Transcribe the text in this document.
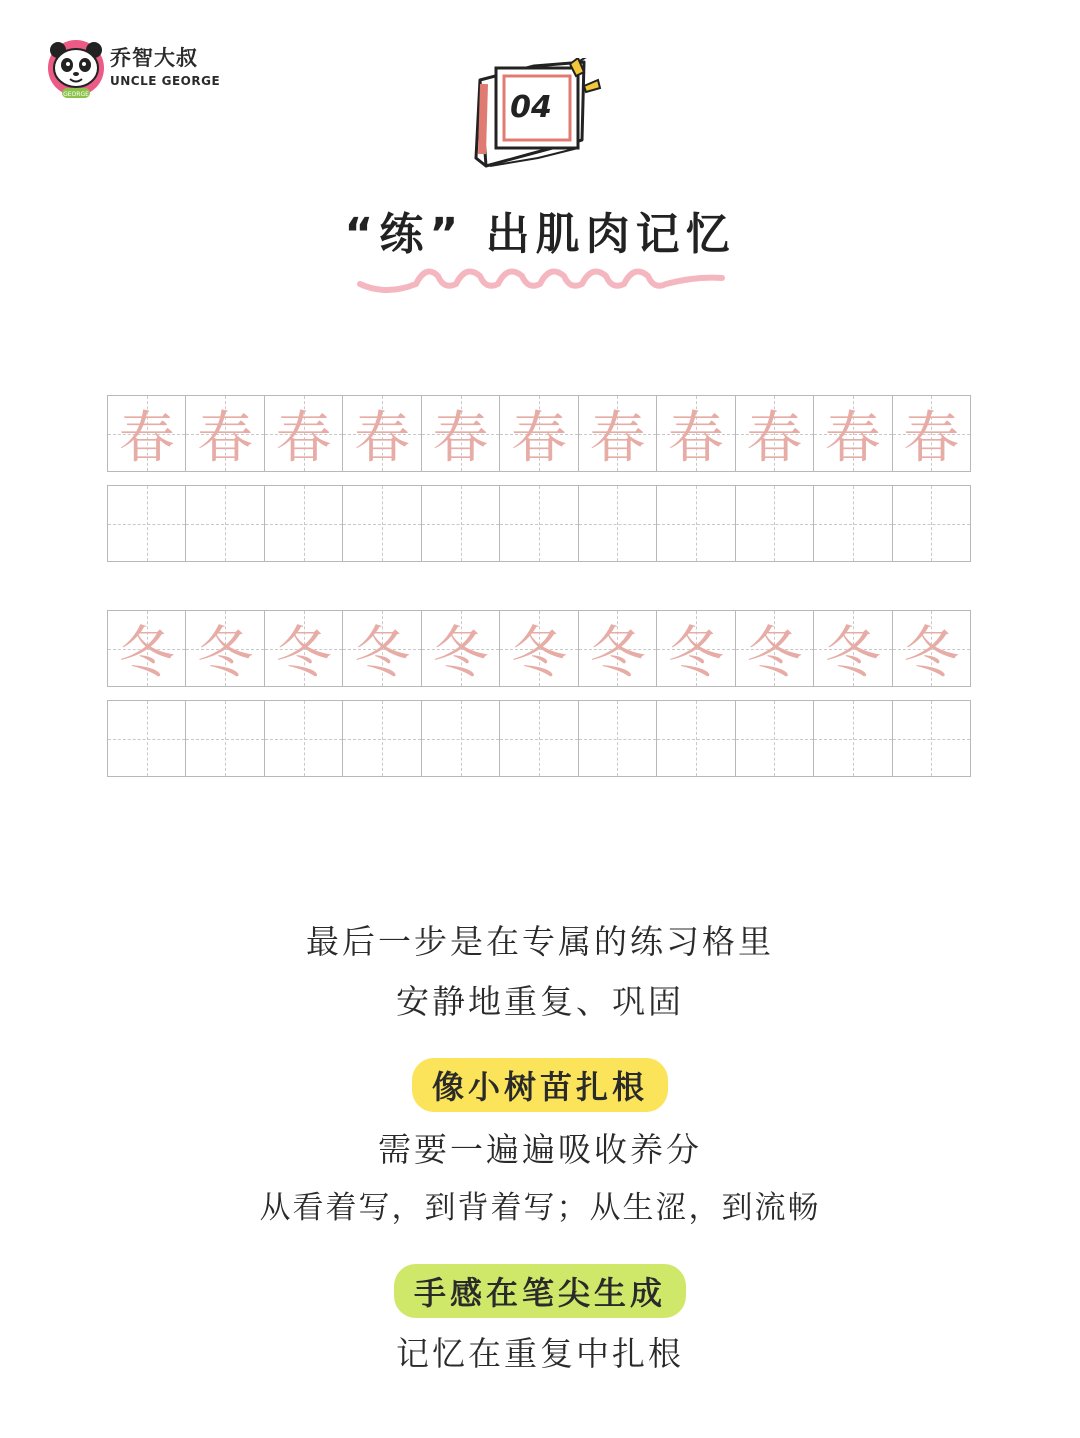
GEORGE
乔智大叔
UNCLE GEORGE
04
“练” 出肌肉记忆
春 春 春 春 春 春 春 春 春 春 春
冬 冬 冬 冬 冬 冬 冬 冬 冬 冬 冬
最后一步是在专属的练习格里
安静地重复、巩固
像小树苗扎根
需要一遍遍吸收养分
从看着写，到背着写；从生涩，到流畅
手感在笔尖生成
记忆在重复中扎根
